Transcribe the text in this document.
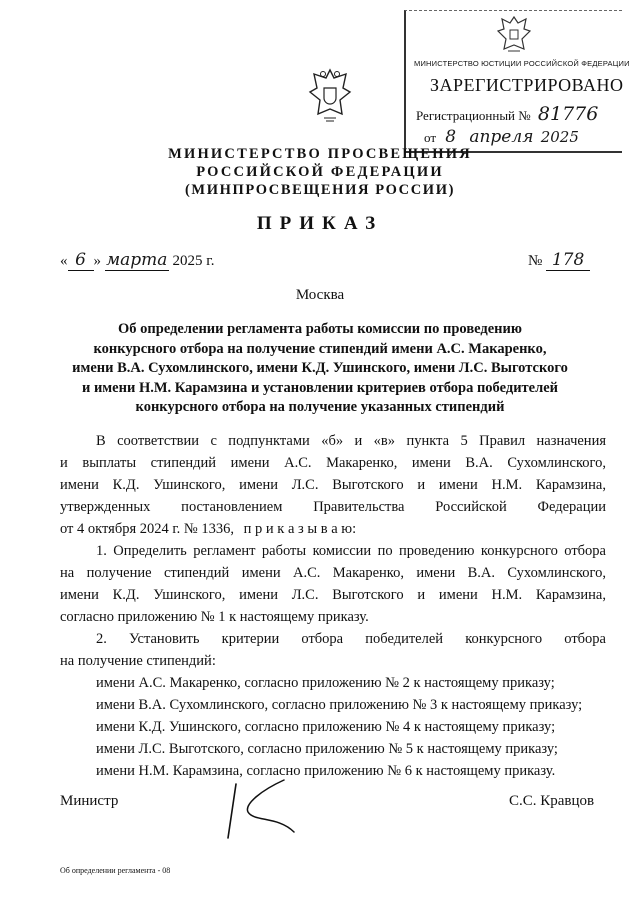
МИНИСТЕРСТВО ЮСТИЦИИ РОССИЙСКОЙ ФЕДЕРАЦИИ
ЗАРЕГИСТРИРОВАНО
Регистрационный № 81776
от 8 апреля 2025
МИНИСТЕРСТВО ПРОСВЕЩЕНИЯ
РОССИЙСКОЙ ФЕДЕРАЦИИ
(МИНПРОСВЕЩЕНИЯ РОССИИ)
ПРИКАЗ
« 6 » марта 2025 г.	№ 178
Москва
Об определении регламента работы комиссии по проведению
конкурсного отбора на получение стипендий имени А.С. Макаренко,
имени В.А. Сухомлинского, имени К.Д. Ушинского, имени Л.С. Выготского
и имени Н.М. Карамзина и установлении критериев отбора победителей
конкурсного отбора на получение указанных стипендий
В соответствии с подпунктами «б» и «в» пункта 5 Правил назначения
и выплаты стипендий имени А.С. Макаренко, имени В.А. Сухомлинского,
имени К.Д. Ушинского, имени Л.С. Выготского и имени Н.М. Карамзина,
утвержденных постановлением Правительства Российской Федерации
от 4 октября 2024 г. № 1336, п р и к а з ы в а ю:
1. Определить регламент работы комиссии по проведению конкурсного отбора
на получение стипендий имени А.С. Макаренко, имени В.А. Сухомлинского,
имени К.Д. Ушинского, имени Л.С. Выготского и имени Н.М. Карамзина,
согласно приложению № 1 к настоящему приказу.
2. Установить критерии отбора победителей конкурсного отбора
на получение стипендий:
имени А.С. Макаренко, согласно приложению № 2 к настоящему приказу;
имени В.А. Сухомлинского, согласно приложению № 3 к настоящему приказу;
имени К.Д. Ушинского, согласно приложению № 4 к настоящему приказу;
имени Л.С. Выготского, согласно приложению № 5 к настоящему приказу;
имени Н.М. Карамзина, согласно приложению № 6 к настоящему приказу.
Министр	С.С. Кравцов
Об определении регламента - 08
